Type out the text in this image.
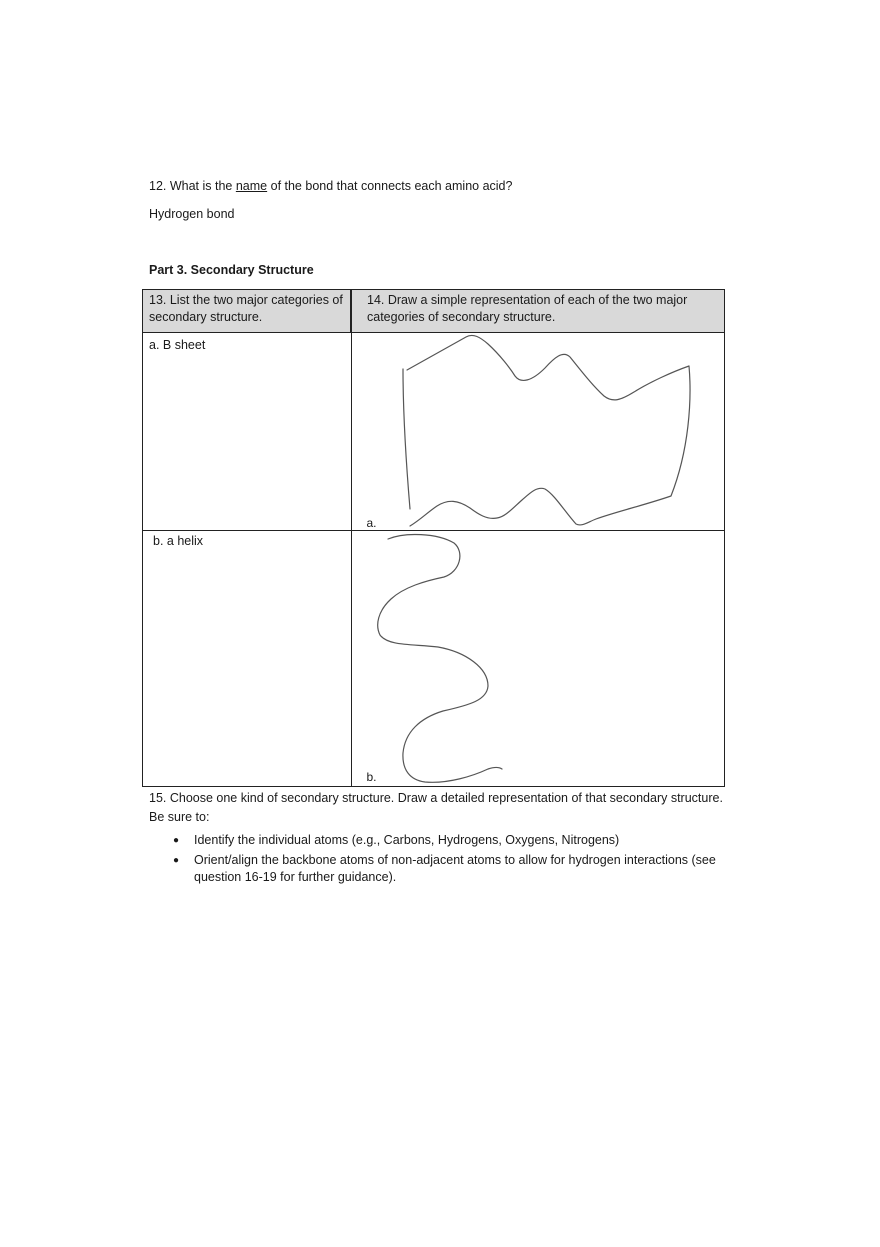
12. What is the name of the bond that connects each amino acid?
Hydrogen bond
Part 3. Secondary Structure
13. List the two major categories of secondary structure.	14. Draw a simple representation of each of the two major categories of secondary structure.

a. B sheet	a.

b. a helix	b.
15. Choose one kind of secondary structure. Draw a detailed representation of that secondary structure. Be sure to:
● Identify the individual atoms (e.g., Carbons, Hydrogens, Oxygens, Nitrogens)
● Orient/align the backbone atoms of non-adjacent atoms to allow for hydrogen interactions (see question 16-19 for further guidance).
